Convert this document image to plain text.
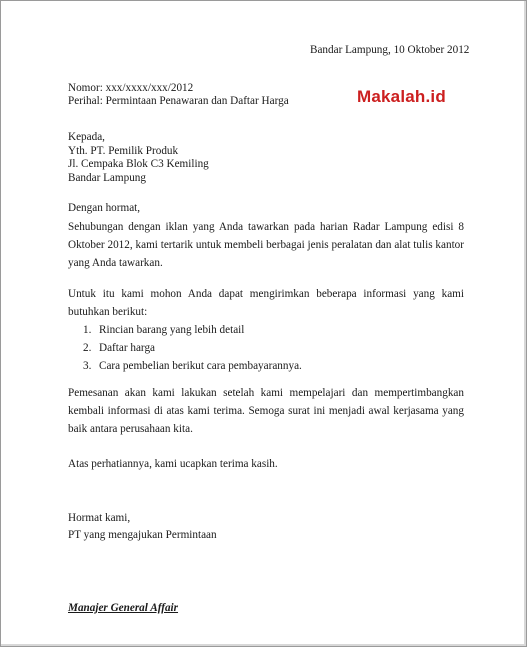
Bandar Lampung, 10 Oktober 2012
Nomor: xxx/xxxx/xxx/2012
Perihal: Permintaan Penawaran dan Daftar Harga	Makalah.id
Kepada,
Yth. PT. Pemilik Produk
Jl. Cempaka Blok C3 Kemiling
Bandar Lampung
Dengan hormat,
Sehubungan dengan iklan yang Anda tawarkan pada harian Radar Lampung edisi 8 Oktober 2012, kami tertarik untuk membeli berbagai jenis peralatan dan alat tulis kantor yang Anda tawarkan.
Untuk itu kami mohon Anda dapat mengirimkan beberapa informasi yang kami butuhkan berikut:
1. Rincian barang yang lebih detail
2. Daftar harga
3. Cara pembelian berikut cara pembayarannya.
Pemesanan akan kami lakukan setelah kami mempelajari dan mempertimbangkan kembali informasi di atas kami terima. Semoga surat ini menjadi awal kerjasama yang baik antara perusahaan kita.
Atas perhatiannya, kami ucapkan terima kasih.
Hormat kami,
PT yang mengajukan Permintaan
Manajer General Affair
